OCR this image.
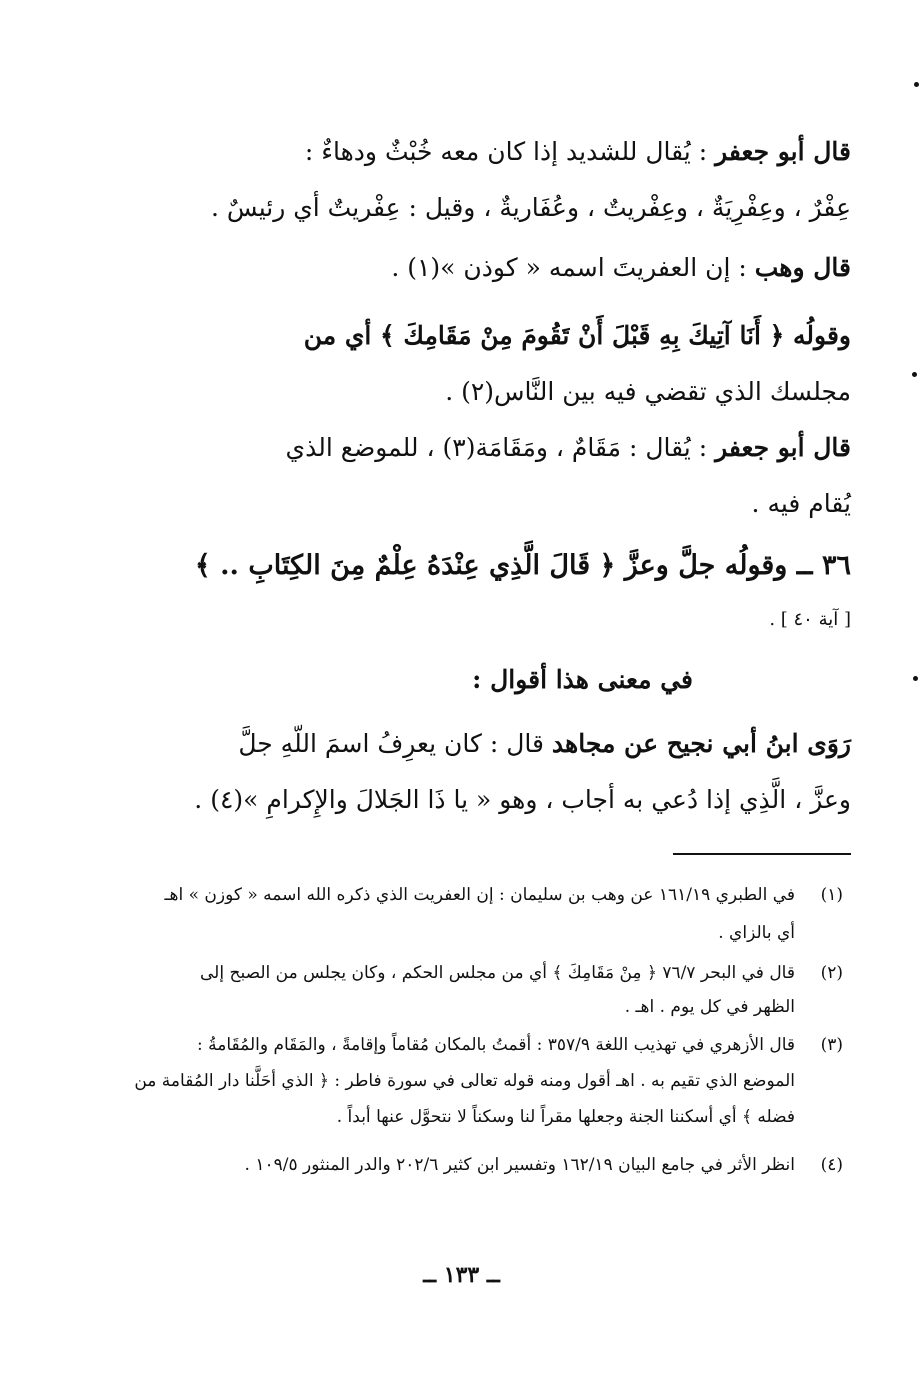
قال أبو جعفر : يُقال للشديد إذا كان معه خُبْثٌ ودهاءٌ :
عِفْرٌ ، وعِفْرِيَةٌ ، وعِفْريتٌ ، وعُفَاريةٌ ، وقيل : عِفْريتٌ أي رئيسٌ .
قال وهب : إن العفريتَ اسمه « كوذن »(١) .
وقولُه ﴿ أَنَا آتِيكَ بِهِ قَبْلَ أَنْ تَقُومَ مِنْ مَقَامِكَ ﴾ أي من
مجلسك الذي تقضي فيه بين النَّاس(٢) .
قال أبو جعفر : يُقال : مَقَامٌ ، ومَقَامَة(٣) ، للموضع الذي
يُقام فيه .
٣٦ ــ وقولُه جلَّ وعزَّ ﴿ قَالَ الَّذِي عِنْدَهُ عِلْمٌ مِنَ الكِتَابِ .. ﴾
[ آية ٤٠ ] .
في معنى هذا أقوال :
رَوَى ابنُ أبي نجيح عن مجاهد قال : كان يعرِفُ اسمَ اللّهِ جلَّ
وعزَّ ، الَّذِي إذا دُعي به أجاب ، وهو « يا ذَا الجَلالَ والإِكرامِ »(٤) .
(١)
في الطبري ١٦١/١٩ عن وهب بن سليمان : إن العفريت الذي ذكره الله اسمه « كوزن » اهـ
أي بالزاي .
(٢)
قال في البحر ٧٦/٧ ﴿ مِنْ مَقَامِكَ ﴾ أي من مجلس الحكم ، وكان يجلس من الصبح إلى
الظهر في كل يوم . اهـ .
(٣)
قال الأزهري في تهذيب اللغة ٣٥٧/٩ : أقمتُ بالمكان مُقاماً وإقامةً ، والمَقَام والمُقَامةُ :
الموضع الذي تقيم به . اهـ أقول ومنه قوله تعالى في سورة فاطر : ﴿ الذي أحَلَّنا دار المُقامة من
فضله ﴾ أي أسكننا الجنة وجعلها مقراً لنا وسكناً لا نتحوَّل عنها أبداً .
(٤)
انظر الأثر في جامع البيان ١٦٢/١٩ وتفسير ابن كثير ٢٠٢/٦ والدر المنثور ١٠٩/٥ .
ــ ١٣٣ ــ
